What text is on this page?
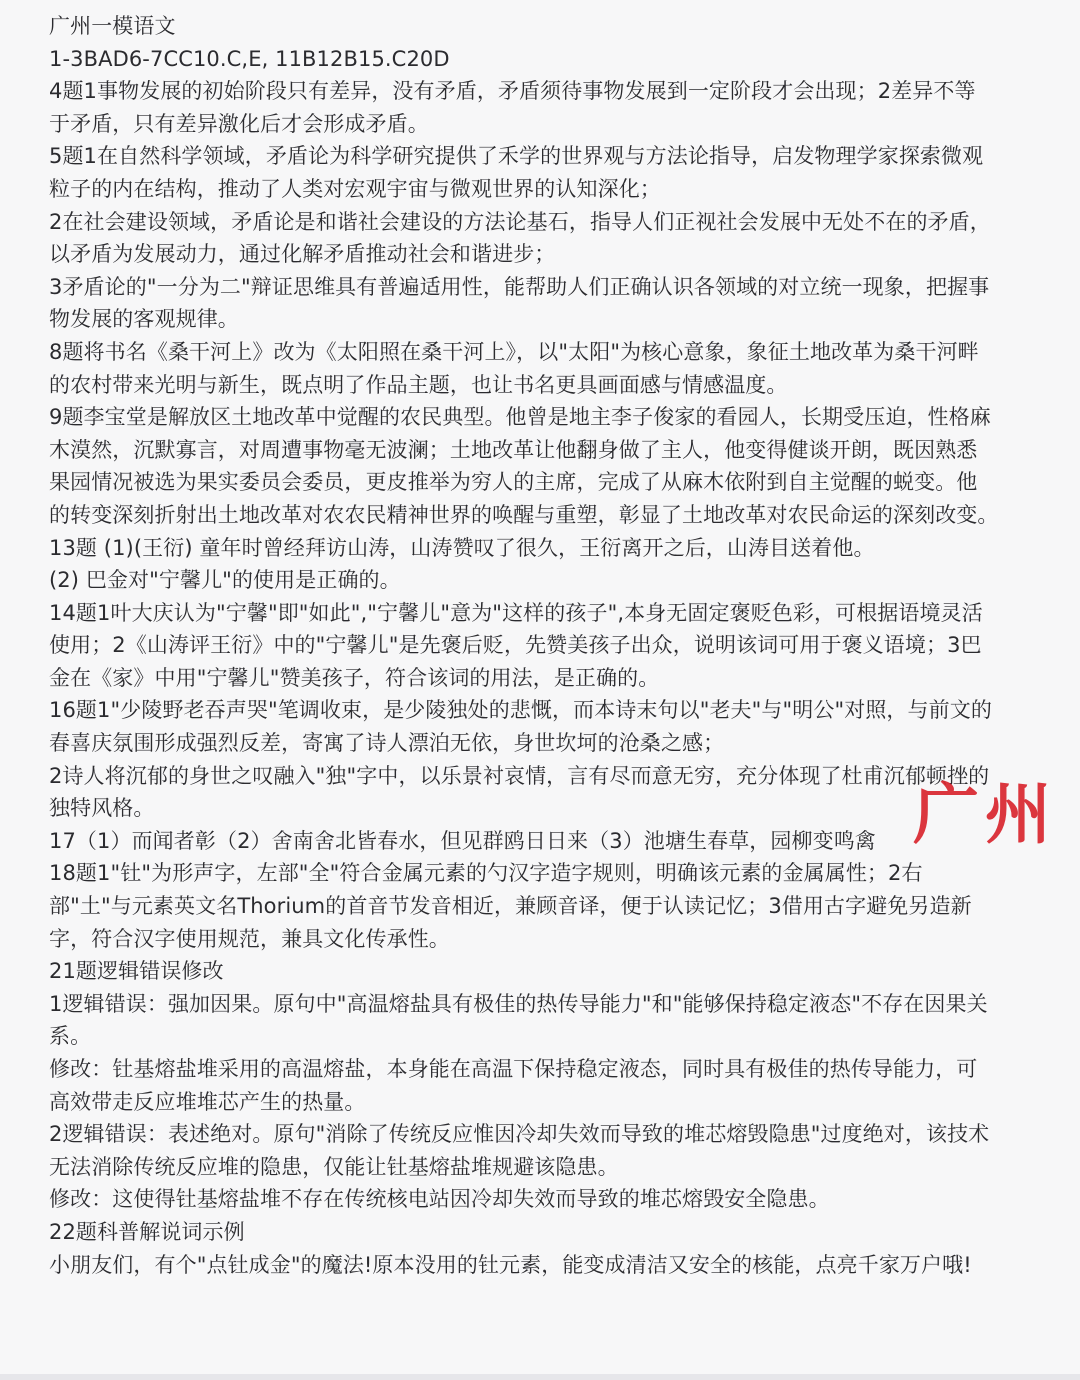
广州一模语文
1-3BAD6-7CC10.C,E, 11B12B15.C20D
4题1事物发展的初始阶段只有差异，没有矛盾，矛盾须待事物发展到一定阶段才会出现；2差异不等
于矛盾，只有差异激化后才会形成矛盾。
5题1在自然科学领域，矛盾论为科学研究提供了禾学的世界观与方法论指导，启发物理学家探索微观
粒子的内在结构，推动了人类对宏观宇宙与微观世界的认知深化；
2在社会建设领域，矛盾论是和谐社会建设的方法论基石，指导人们正视社会发展中无处不在的矛盾，
以矛盾为发展动力，通过化解矛盾推动社会和谐进步；
3矛盾论的"一分为二"辩证思维具有普遍适用性，能帮助人们正确认识各领域的对立统一现象，把握事
物发展的客观规律。
8题将书名《桑干河上》改为《太阳照在桑干河上》，以"太阳"为核心意象，象征土地改革为桑干河畔
的农村带来光明与新生，既点明了作品主题，也让书名更具画面感与情感温度。
9题李宝堂是解放区土地改革中觉醒的农民典型。他曾是地主李子俊家的看园人，长期受压迫，性格麻
木漠然，沉默寡言，对周遭事物毫无波澜；土地改革让他翻身做了主人，他变得健谈开朗，既因熟悉
果园情况被选为果实委员会委员，更皮推举为穷人的主席，完成了从麻木依附到自主觉醒的蜕变。他
的转变深刻折射出土地改革对农农民精神世界的唤醒与重塑，彰显了土地改革对农民命运的深刻改变。
13题 (1)(王衍) 童年时曾经拜访山涛，山涛赞叹了很久，王衍离开之后，山涛目送着他。
(2) 巴金对"宁馨儿"的使用是正确的。
14题1叶大庆认为"宁馨"即"如此","宁馨儿"意为"这样的孩子",本身无固定褒贬色彩，可根据语境灵活
使用；2《山涛评王衍》中的"宁馨儿"是先褒后贬，先赞美孩子出众，说明该词可用于褒义语境；3巴
金在《家》中用"宁馨儿"赞美孩子，符合该词的用法，是正确的。
16题1"少陵野老吞声哭"笔调收束，是少陵独处的悲慨，而本诗末句以"老夫"与"明公"对照，与前文的
春喜庆氛围形成强烈反差，寄寓了诗人漂泊无依，身世坎坷的沧桑之感；
2诗人将沉郁的身世之叹融入"独"字中，以乐景衬哀情，言有尽而意无穷，充分体现了杜甫沉郁顿挫的
独特风格。
17（1）而闻者彰（2）舍南舍北皆春水，但见群鸥日日来（3）池塘生春草，园柳变鸣禽
18题1"钍"为形声字，左部"全"符合金属元素的勺汉字造字规则，明确该元素的金属属性；2右
部"土"与元素英文名Thorium的首音节发音相近，兼顾音译，便于认读记忆；3借用古字避免另造新
字，符合汉字使用规范，兼具文化传承性。
21题逻辑错误修改
1逻辑错误：强加因果。原句中"高温熔盐具有极佳的热传导能力"和"能够保持稳定液态"不存在因果关
系。
修改：钍基熔盐堆采用的高温熔盐，本身能在高温下保持稳定液态，同时具有极佳的热传导能力，可
高效带走反应堆堆芯产生的热量。
2逻辑错误：表述绝对。原句"消除了传统反应惟因冷却失效而导致的堆芯熔毁隐患"过度绝对，该技术
无法消除传统反应堆的隐患，仅能让钍基熔盐堆规避该隐患。
修改：这使得钍基熔盐堆不存在传统核电站因冷却失效而导致的堆芯熔毁安全隐患。
22题科普解说词示例
小朋友们，有个"点钍成金"的魔法!原本没用的钍元素，能变成清洁又安全的核能，点亮千家万户哦!
广州
